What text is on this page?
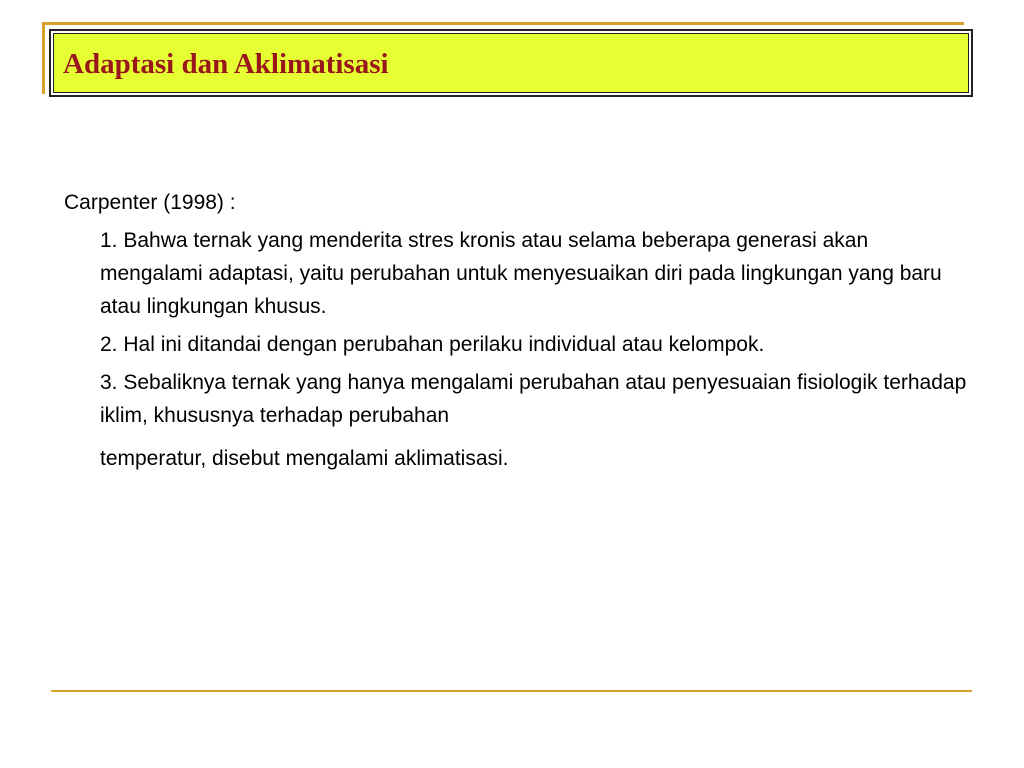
Adaptasi dan Aklimatisasi

Carpenter (1998) :

1. Bahwa ternak yang menderita stres kronis atau selama beberapa generasi akan mengalami adaptasi, yaitu perubahan untuk menyesuaikan diri pada lingkungan yang baru atau lingkungan khusus.

2. Hal ini ditandai dengan perubahan perilaku individual atau kelompok.

3. Sebaliknya ternak yang hanya mengalami perubahan atau penyesuaian fisiologik terhadap iklim, khususnya terhadap perubahan

temperatur, disebut mengalami aklimatisasi.
